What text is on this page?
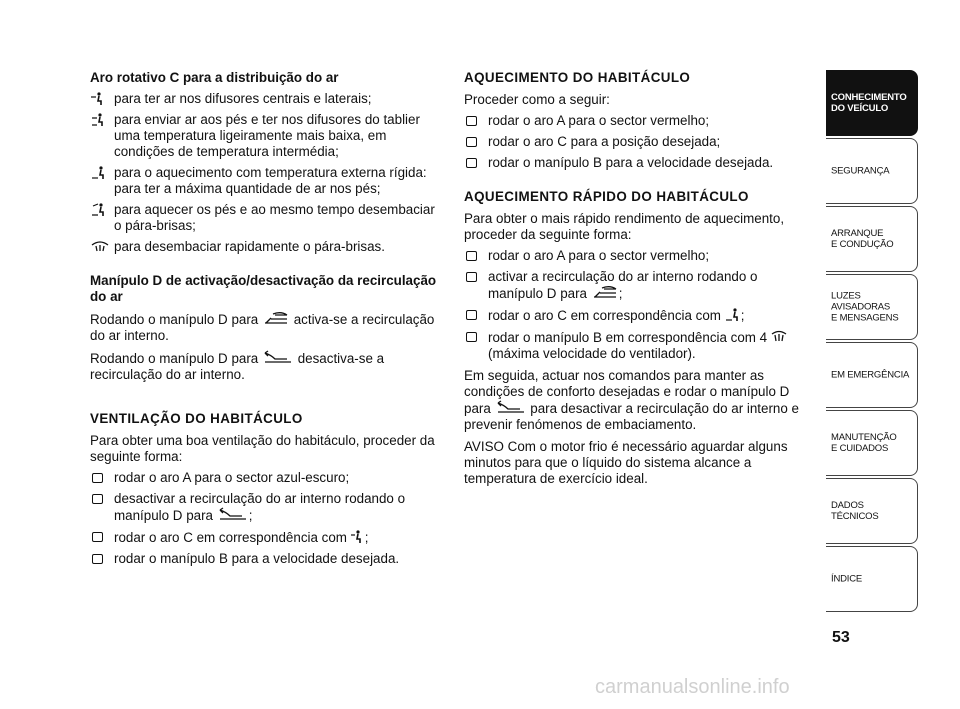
Aro rotativo C para a distribuição do ar

para ter ar nos difusores centrais e laterais;
para enviar ar aos pés e ter nos difusores do tablier uma temperatura ligeiramente mais baixa, em condições de temperatura intermédia;
para o aquecimento com temperatura externa rígida: para ter a máxima quantidade de ar nos pés;
para aquecer os pés e ao mesmo tempo desembaciar o pára-brisas;
para desembaciar rapidamente o pára-brisas.

Manípulo D de activação/desactivação da recirculação do ar

Rodando o manípulo D para	activa-se a recirculação do ar interno.

Rodando o manípulo D para	desactiva-se a recirculação do ar interno.

VENTILAÇÃO DO HABITÁCULO

Para obter uma boa ventilação do habitáculo, proceder da seguinte forma:

rodar o aro A para o sector azul-escuro;
desactivar a recirculação do ar interno rodando o manípulo D para	;
rodar o aro C em correspondência com ;
rodar o manípulo B para a velocidade desejada.

AQUECIMENTO DO HABITÁCULO

Proceder como a seguir:

rodar o aro A para o sector vermelho;
rodar o aro C para a posição desejada;
rodar o manípulo B para a velocidade desejada.

AQUECIMENTO RÁPIDO DO HABITÁCULO

Para obter o mais rápido rendimento de aquecimento, proceder da seguinte forma:

rodar o aro A para o sector vermelho;
activar a recirculação do ar interno rodando o manípulo D para ;
rodar o aro C em correspondência com ;
rodar o manípulo B em correspondência com 4  (máxima velocidade do ventilador).

Em seguida, actuar nos comandos para manter as condições de conforto desejadas e rodar o manípulo D para	para desactivar a recirculação do ar interno e prevenir fenómenos de embaciamento.

AVISO Com o motor frio é necessário aguardar alguns minutos para que o líquido do sistema alcance a temperatura de exercício ideal.

CONHECIMENTO
DO VEÍCULO
SEGURANÇA
ARRANQUE
E CONDUÇÃO
LUZES
AVISADORAS
E MENSAGENS
EM EMERGÊNCIA
MANUTENÇÃO
E CUIDADOS
DADOS
TÉCNICOS
ÍNDICE
53
carmanualsonline.info
